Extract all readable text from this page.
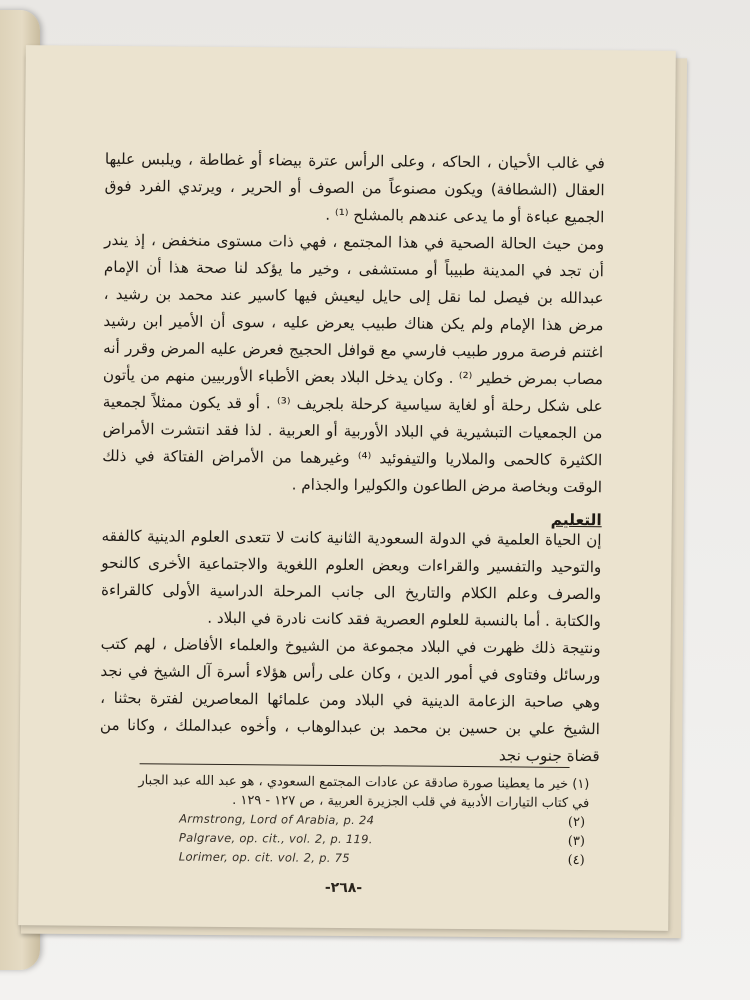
في غالب الأحيان ، الحاكه ، وعلى الرأس عترة بيضاء أو غطاطة ، ويلبس عليها العقال (الشطافة) ويكون مصنوعاً من الصوف أو الحرير ، ويرتدي الفرد فوق الجميع عباءة أو ما يدعى عندهم بالمشلح ⁽¹⁾ .

ومن حيث الحالة الصحية في هذا المجتمع ، فهي ذات مستوى منخفض ، إذ يندر أن تجد في المدينة طبيباً أو مستشفى ، وخير ما يؤكد لنا صحة هذا أن الإمام عبدالله بن فيصل لما نقل إلى حايل ليعيش فيها كاسير عند محمد بن رشيد ، مرض هذا الإمام ولم يكن هناك طبيب يعرض عليه ، سوى أن الأمير ابن رشيد اغتنم فرصة مرور طبيب فارسي مع قوافل الحجيج فعرض عليه المرض وقرر أنه مصاب بمرض خطير ⁽²⁾ . وكان يدخل البلاد بعض الأطباء الأوربيين منهم من يأتون على شكل رحلة أو لغاية سياسية كرحلة بلجريف ⁽³⁾ . أو قد يكون ممثلاً لجمعية من الجمعيات التبشيرية في البلاد الأوربية أو العربية . لذا فقد انتشرت الأمراض الكثيرة كالحمى والملاريا والتيفوئيد ⁽⁴⁾ وغيرهما من الأمراض الفتاكة في ذلك الوقت وبخاصة مرض الطاعون والكوليرا والجذام .

التعليم

إن الحياة العلمية في الدولة السعودية الثانية كانت لا تتعدى العلوم الدينية كالفقه والتوحيد والتفسير والقراءات وبعض العلوم اللغوية والاجتماعية الأخرى كالنحو والصرف وعلم الكلام والتاريخ الى جانب المرحلة الدراسية الأولى كالقراءة والكتابة . أما بالنسبة للعلوم العصرية فقد كانت نادرة في البلاد .

ونتيجة ذلك ظهرت في البلاد مجموعة من الشيوخ والعلماء الأفاضل ، لهم كتب ورسائل وفتاوى في أمور الدين ، وكان على رأس هؤلاء أسرة آل الشيخ في نجد وهي صاحبة الزعامة الدينية في البلاد ومن علمائها المعاصرين لفترة بحثنا ، الشيخ علي بن حسين بن محمد بن عبدالوهاب ، وأخوه عبدالملك ، وكانا من قضاة جنوب نجد

(١) خير ما يعطينا صورة صادقة عن عادات المجتمع السعودي ، هو عبد الله عبد الجبار في كتاب التيارات الأدبية في قلب الجزيرة العربية ، ص ١٢٧ - ١٢٩ .
Armstrong, Lord of Arabia, p. 24	(٢)
Palgrave, op. cit., vol. 2, p. 119.	(٣)
Lorimer, op. cit. vol. 2, p. 75	(٤)
-٢٦٨-
